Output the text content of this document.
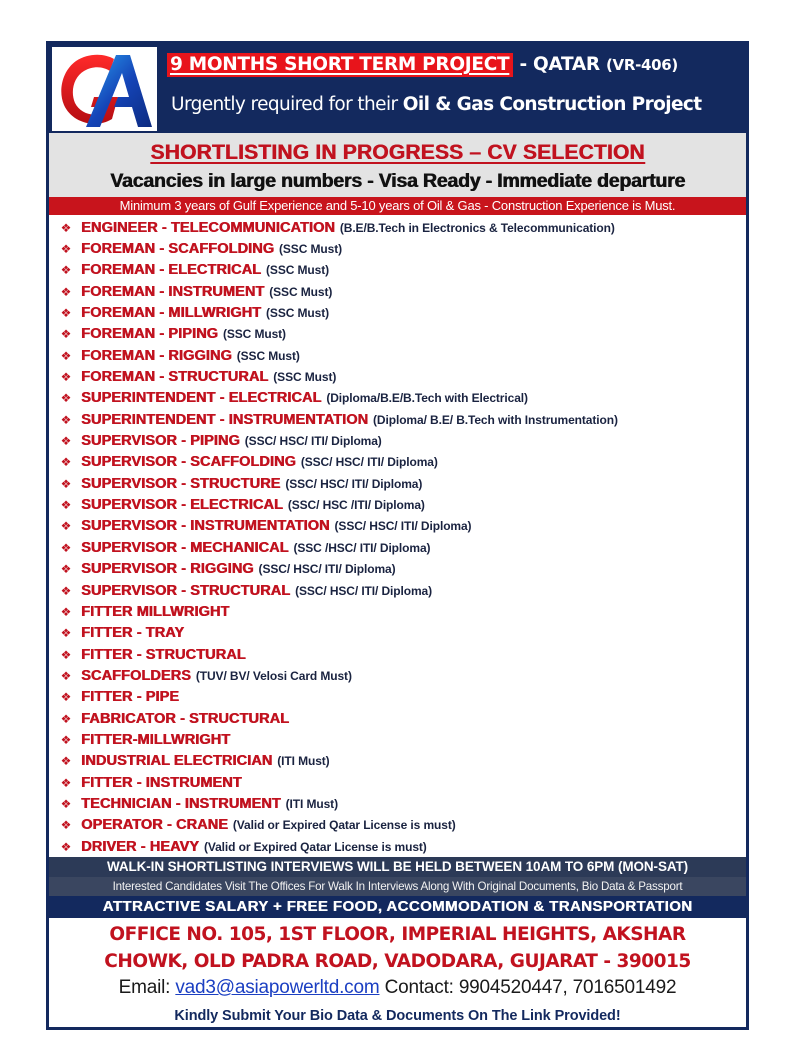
9 MONTHS SHORT TERM PROJECT - QATAR (VR-406)
Urgently required for their Oil & Gas Construction Project
SHORTLISTING IN PROGRESS – CV SELECTION
Vacancies in large numbers - Visa Ready - Immediate departure
Minimum 3 years of Gulf Experience and 5-10 years of Oil & Gas - Construction Experience is Must.
❖ ENGINEER - TELECOMMUNICATION (B.E/B.Tech in Electronics & Telecommunication)
❖ FOREMAN - SCAFFOLDING (SSC Must)
❖ FOREMAN - ELECTRICAL (SSC Must)
❖ FOREMAN - INSTRUMENT (SSC Must)
❖ FOREMAN - MILLWRIGHT (SSC Must)
❖ FOREMAN - PIPING (SSC Must)
❖ FOREMAN - RIGGING (SSC Must)
❖ FOREMAN - STRUCTURAL (SSC Must)
❖ SUPERINTENDENT - ELECTRICAL (Diploma/B.E/B.Tech with Electrical)
❖ SUPERINTENDENT - INSTRUMENTATION (Diploma/ B.E/ B.Tech with Instrumentation)
❖ SUPERVISOR - PIPING (SSC/ HSC/ ITI/ Diploma)
❖ SUPERVISOR - SCAFFOLDING (SSC/ HSC/ ITI/ Diploma)
❖ SUPERVISOR - STRUCTURE (SSC/ HSC/ ITI/ Diploma)
❖ SUPERVISOR - ELECTRICAL (SSC/ HSC /ITI/ Diploma)
❖ SUPERVISOR - INSTRUMENTATION (SSC/ HSC/ ITI/ Diploma)
❖ SUPERVISOR - MECHANICAL (SSC /HSC/ ITI/ Diploma)
❖ SUPERVISOR - RIGGING (SSC/ HSC/ ITI/ Diploma)
❖ SUPERVISOR - STRUCTURAL (SSC/ HSC/ ITI/ Diploma)
❖ FITTER MILLWRIGHT
❖ FITTER - TRAY
❖ FITTER - STRUCTURAL
❖ SCAFFOLDERS (TUV/ BV/ Velosi Card Must)
❖ FITTER - PIPE
❖ FABRICATOR - STRUCTURAL
❖ FITTER-MILLWRIGHT
❖ INDUSTRIAL ELECTRICIAN (ITI Must)
❖ FITTER - INSTRUMENT
❖ TECHNICIAN - INSTRUMENT (ITI Must)
❖ OPERATOR - CRANE (Valid or Expired Qatar License is must)
❖ DRIVER - HEAVY (Valid or Expired Qatar License is must)
WALK-IN SHORTLISTING INTERVIEWS WILL BE HELD BETWEEN 10AM TO 6PM (MON-SAT)
Interested Candidates Visit The Offices For Walk In Interviews Along With Original Documents, Bio Data & Passport
ATTRACTIVE SALARY + FREE FOOD, ACCOMMODATION & TRANSPORTATION
OFFICE NO. 105, 1ST FLOOR, IMPERIAL HEIGHTS, AKSHAR
CHOWK, OLD PADRA ROAD, VADODARA, GUJARAT - 390015
Email: vad3@asiapowerltd.com Contact: 9904520447, 7016501492
Kindly Submit Your Bio Data & Documents On The Link Provided!
